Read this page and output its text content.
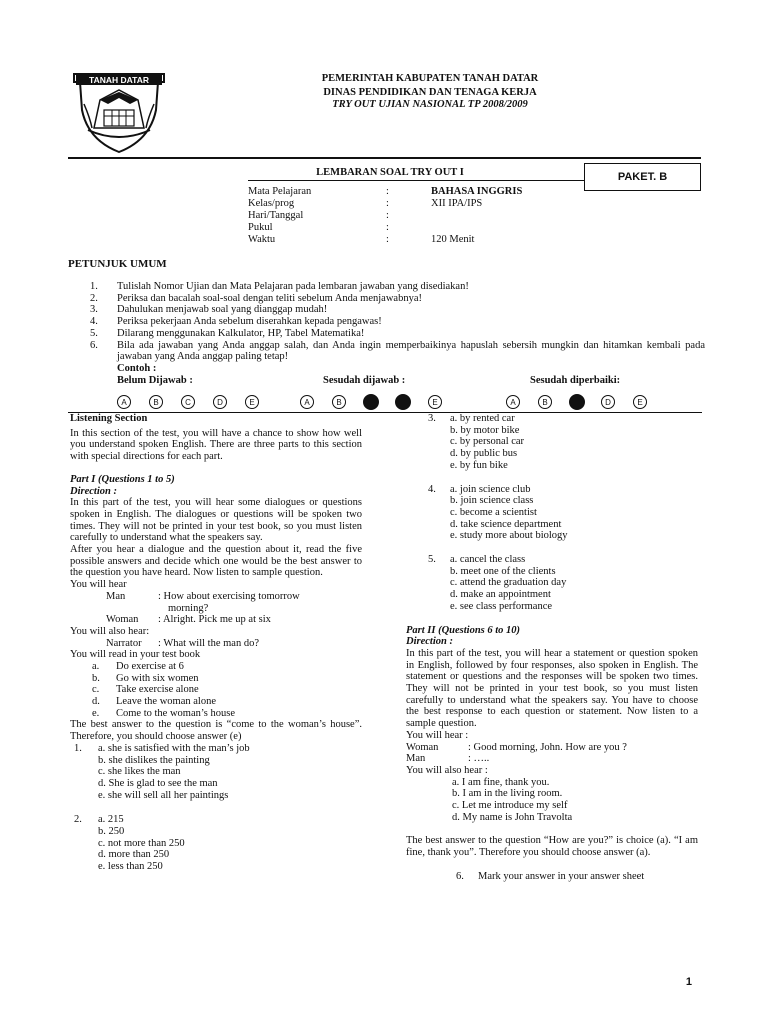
TANAH DATAR	PEMERINTAH KABUPATEN TANAH DATAR
DINAS PENDIDIKAN DAN TENAGA KERJA
TRY OUT UJIAN NASIONAL TP 2008/2009
LEMBARAN SOAL TRY OUT I	PAKET. B
Mata Pelajaran	:	BAHASA INGGRIS
Kelas/prog	:	XII IPA/IPS
Hari/Tanggal	:
Pukul	:
Waktu	:	120 Menit
PETUNJUK UMUM
1. Tulislah Nomor Ujian dan Mata Pelajaran pada lembaran jawaban yang disediakan!
2. Periksa dan bacalah soal-soal dengan teliti sebelum Anda menjawabnya!
3. Dahulukan menjawab soal yang dianggap mudah!
4. Periksa pekerjaan Anda sebelum diserahkan kepada pengawas!
5. Dilarang menggunakan Kalkulator, HP, Tabel Matematika!
6. Bila ada jawaban yang Anda anggap salah, dan Anda ingin memperbaikinya hapuslah sebersih mungkin dan hitamkan kembali pada jawaban yang Anda anggap paling tetap!
Contoh :
Belum Dijawab :	Sesudah dijawab :	Sesudah diperbaiki:
A	B	C	D	E	A	B	E	A	B	D	E
Listening Section
In this section of the test, you will have a chance to show how well you understand spoken English. There are three parts to this section with special directions for each part.
Part I (Questions 1 to 5)
Direction :
In this part of the test, you will hear some dialogues or questions spoken in English. The dialogues or questions will be spoken two times. They will not be printed in your test book, so you must listen carefully to understand what the speakers say.
After you hear a dialogue and the question about it, read the five possible answers and decide which one would be the best answer to the question you have heard. Now listen to sample question.
You will hear
Man	: How about exercising tomorrow
morning?
Woman : Alright. Pick me up at six
You will also hear:
Narrator : What will the man do?
You will read in your test book
a. Do exercise at 6
b. Go with six women
c. Take exercise alone
d. Leave the woman alone
e. Come to the woman’s house
The best answer to the question is “come to the woman’s house”. Therefore, you should choose answer (e)
1. a. she is satisfied with the man’s job
b. she dislikes the painting
c. she likes the man
d. She is glad to see the man
e. she will sell all her paintings
2. a. 215
b. 250
c. not more than 250
d. more than 250
e. less than 250
3. a. by rented car
b. by motor bike
c. by personal car
d. by public bus
e. by fun bike
4. a. join science club
b. join science class
c. become a scientist
d. take science department
e. study more about biology
5. a. cancel the class
b. meet one of the clients
c. attend the graduation day
d. make an appointment
e. see class performance
Part II (Questions 6 to 10)
Direction :
In this part of the test, you will hear a statement or question spoken in English, followed by four responses, also spoken in English. The statement or questions and the responses will be spoken two times. They will not be printed in your test book, so you must listen carefully to understand what the speakers say. You have to choose the best response to each question or statement. Now listen to a sample question.
You will hear :
Woman	: Good morning, John. How are you ?
Man	: …..
You will also hear :
a. I am fine, thank you.
b. I am in the living room.
c. Let me introduce my self
d. My name is John Travolta
The best answer to the question “How are you?” is choice (a). “I am fine, thank you”. Therefore you should choose answer (a).
6. Mark your answer in your answer sheet
1
